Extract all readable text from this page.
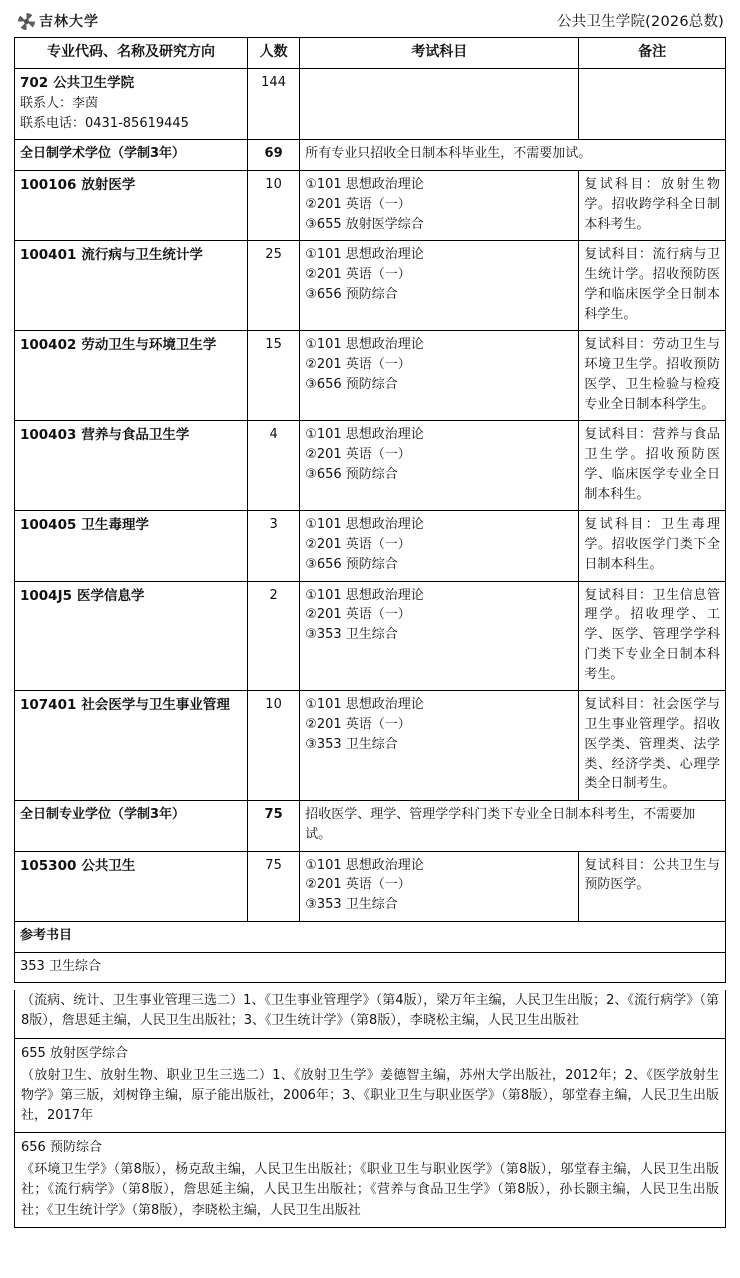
吉林大学	公共卫生学院(2026总数)
专业代码、名称及研究方向	人数	考试科目	备注

702 公共卫生学院
联系人：李茵
联系电话：0431-85619445	144		
全日制学术学位（学制3年）	69	所有专业只招收全日制本科毕业生，不需要加试。	
100106 放射医学	10	①101 思想政治理论
②201 英语（一）
③655 放射医学综合	复试科目：放射生物学。招收跨学科全日制本科考生。
100401 流行病与卫生统计学	25	①101 思想政治理论
②201 英语（一）
③656 预防综合	复试科目：流行病与卫生统计学。招收预防医学和临床医学全日制本科学生。
100402 劳动卫生与环境卫生学	15	①101 思想政治理论
②201 英语（一）
③656 预防综合	复试科目：劳动卫生与环境卫生学。招收预防医学、卫生检验与检疫专业全日制本科学生。
100403 营养与食品卫生学	4	①101 思想政治理论
②201 英语（一）
③656 预防综合	复试科目：营养与食品卫生学。招收预防医学、临床医学专业全日制本科生。
100405 卫生毒理学	3	①101 思想政治理论
②201 英语（一）
③656 预防综合	复试科目：卫生毒理学。招收医学门类下全日制本科生。
1004J5 医学信息学	2	①101 思想政治理论
②201 英语（一）
③353 卫生综合	复试科目：卫生信息管理学。招收理学、工学、医学、管理学学科门类下专业全日制本科考生。
107401 社会医学与卫生事业管理	10	①101 思想政治理论
②201 英语（一）
③353 卫生综合	复试科目：社会医学与卫生事业管理学。招收医学类、管理类、法学类、经济学类、心理学类全日制考生。
全日制专业学位（学制3年）	75	招收医学、理学、管理学学科门类下专业全日制本科考生，不需要加试。	
105300 公共卫生	75	①101 思想政治理论
②201 英语（一）
③353 卫生综合	复试科目：公共卫生与预防医学。
参考书目			
353 卫生综合			
（流病、统计、卫生事业管理三选二）1、《卫生事业管理学》（第4版），梁万年主编，人民卫生出版；2、《流行病学》（第8版），詹思延主编，人民卫生出版社；3、《卫生统计学》（第8版），李晓松主编，人民卫生出版社
655 放射医学综合
（放射卫生、放射生物、职业卫生三选二）1、《放射卫生学》姜德智主编，苏州大学出版社，2012年；2、《医学放射生物学》第三版，刘树铮主编，原子能出版社，2006年；3、《职业卫生与职业医学》（第8版），邬堂春主编，人民卫生出版社，2017年
656 预防综合
《环境卫生学》（第8版），杨克敌主编，人民卫生出版社；《职业卫生与职业医学》（第8版），邬堂春主编，人民卫生出版社；《流行病学》（第8版），詹思延主编，人民卫生出版社；《营养与食品卫生学》（第8版），孙长颢主编，人民卫生出版社；《卫生统计学》（第8版），李晓松主编，人民卫生出版社
